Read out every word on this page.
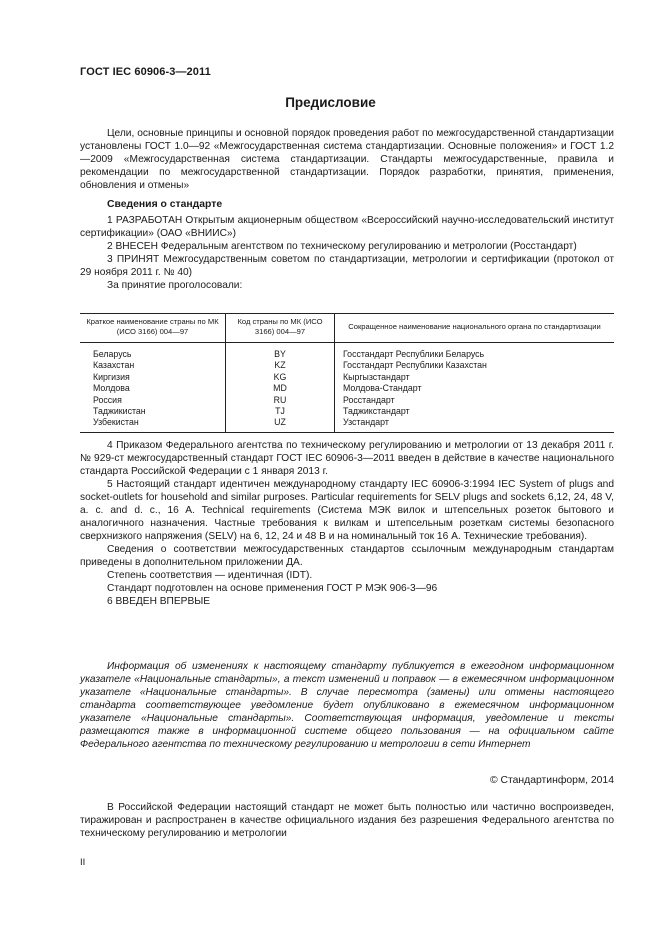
ГОСТ IEC 60906-3—2011
Предисловие

Цели, основные принципы и основной порядок проведения работ по межгосударственной стандартизации установлены ГОСТ 1.0—92 «Межгосударственная система стандартизации. Основные положения» и ГОСТ 1.2—2009 «Межгосударственная система стандартизации. Стандарты межгосударственные, правила и рекомендации по межгосударственной стандартизации. Порядок разработки, принятия, применения, обновления и отмены»

Сведения о стандарте

1 РАЗРАБОТАН Открытым акционерным обществом «Всероссийский научно-исследовательский институт сертификации» (ОАО «ВНИИС»)

2 ВНЕСЕН Федеральным агентством по техническому регулированию и метрологии (Росстандарт)

3 ПРИНЯТ Межгосударственным советом по стандартизации, метрологии и сертификации (протокол от 29 ноября 2011 г. № 40)

За принятие проголосовали:

Краткое наименование страны по МК (ИСО 3166) 004—97	Код страны по МК (ИСО 3166) 004—97	Сокращенное наименование национального органа по стандартизации
Беларусь	BY	Госстандарт Республики Беларусь
Казахстан	KZ	Госстандарт Республики Казахстан
Киргизия	KG	Кыргызстандарт
Молдова	MD	Молдова-Стандарт
Россия	RU	Росстандарт
Таджикистан	TJ	Таджикстандарт
Узбекистан	UZ	Узстандарт

4 Приказом Федерального агентства по техническому регулированию и метрологии от 13 декабря 2011 г. № 929-ст межгосударственный стандарт ГОСТ IEC 60906-3—2011 введен в действие в качестве национального стандарта Российской Федерации с 1 января 2013 г.

5 Настоящий стандарт идентичен международному стандарту IEC 60906-3:1994 IEC System of plugs and socket-outlets for household and similar purposes. Particular requirements for SELV plugs and sockets 6,12, 24, 48 V, a. c. and d. c., 16 A. Technical requirements (Система МЭК вилок и штепсельных розеток бытового и аналогичного назначения. Частные требования к вилкам и штепсельным розеткам системы безопасного сверхнизкого напряжения (SELV) на 6, 12, 24 и 48 В и на номинальный ток 16 А. Технические требования).

Сведения о соответствии межгосударственных стандартов ссылочным международным стандартам приведены в дополнительном приложении ДА.

Степень соответствия — идентичная (IDT).

Стандарт подготовлен на основе применения ГОСТ Р МЭК 906-3—96

6 ВВЕДЕН ВПЕРВЫЕ

Информация об изменениях к настоящему стандарту публикуется в ежегодном информационном указателе «Национальные стандарты», а текст изменений и поправок — в ежемесячном информационном указателе «Национальные стандарты». В случае пересмотра (замены) или отмены настоящего стандарта соответствующее уведомление будет опубликовано в ежемесячном информационном указателе «Национальные стандарты». Соответствующая информация, уведомление и тексты размещаются также в информационной системе общего пользования — на официальном сайте Федерального агентства по техническому регулированию и метрологии в сети Интернет

© Стандартинформ, 2014

В Российской Федерации настоящий стандарт не может быть полностью или частично воспроизведен, тиражирован и распространен в качестве официального издания без разрешения Федерального агентства по техническому регулированию и метрологии

II
